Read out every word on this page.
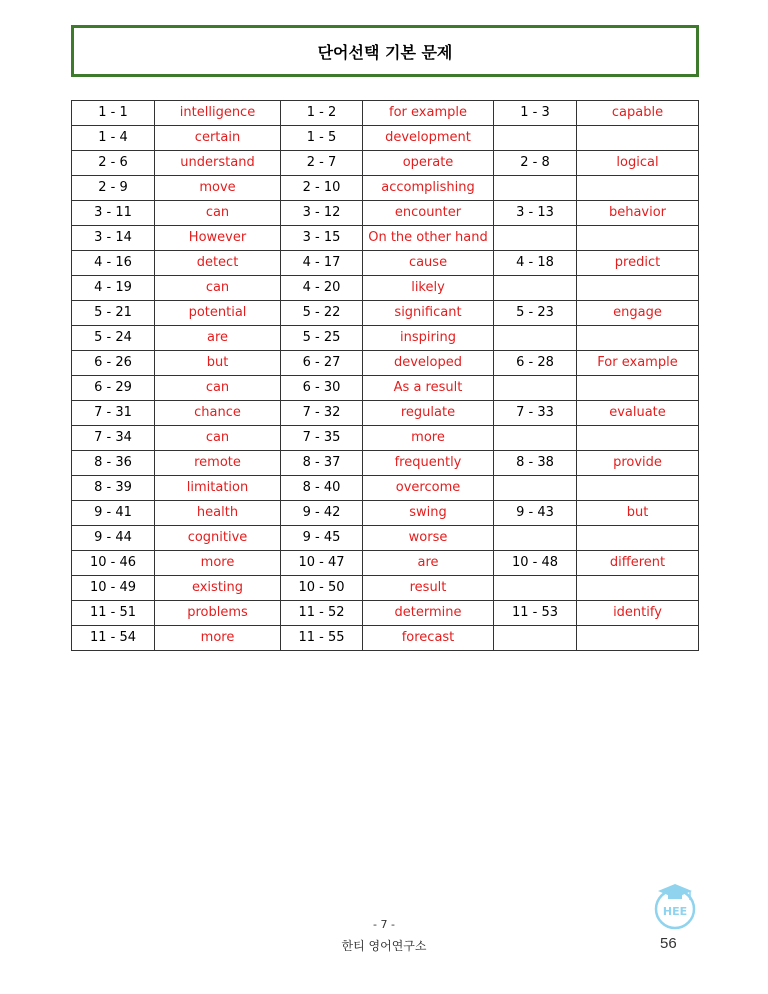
단어선택 기본 문제
1 - 1	intelligence	1 - 2	for example	1 - 3	capable
1 - 4	certain	1 - 5	development		
2 - 6	understand	2 - 7	operate	2 - 8	logical
2 - 9	move	2 - 10	accomplishing		
3 - 11	can	3 - 12	encounter	3 - 13	behavior
3 - 14	However	3 - 15	On the other hand		
4 - 16	detect	4 - 17	cause	4 - 18	predict
4 - 19	can	4 - 20	likely		
5 - 21	potential	5 - 22	significant	5 - 23	engage
5 - 24	are	5 - 25	inspiring		
6 - 26	but	6 - 27	developed	6 - 28	For example
6 - 29	can	6 - 30	As a result		
7 - 31	chance	7 - 32	regulate	7 - 33	evaluate
7 - 34	can	7 - 35	more		
8 - 36	remote	8 - 37	frequently	8 - 38	provide
8 - 39	limitation	8 - 40	overcome		
9 - 41	health	9 - 42	swing	9 - 43	but
9 - 44	cognitive	9 - 45	worse		
10 - 46	more	10 - 47	are	10 - 48	different
10 - 49	existing	10 - 50	result		
11 - 51	problems	11 - 52	determine	11 - 53	identify
11 - 54	more	11 - 55	forecast		
- 7 -
한티 영어연구소
HEE
56
